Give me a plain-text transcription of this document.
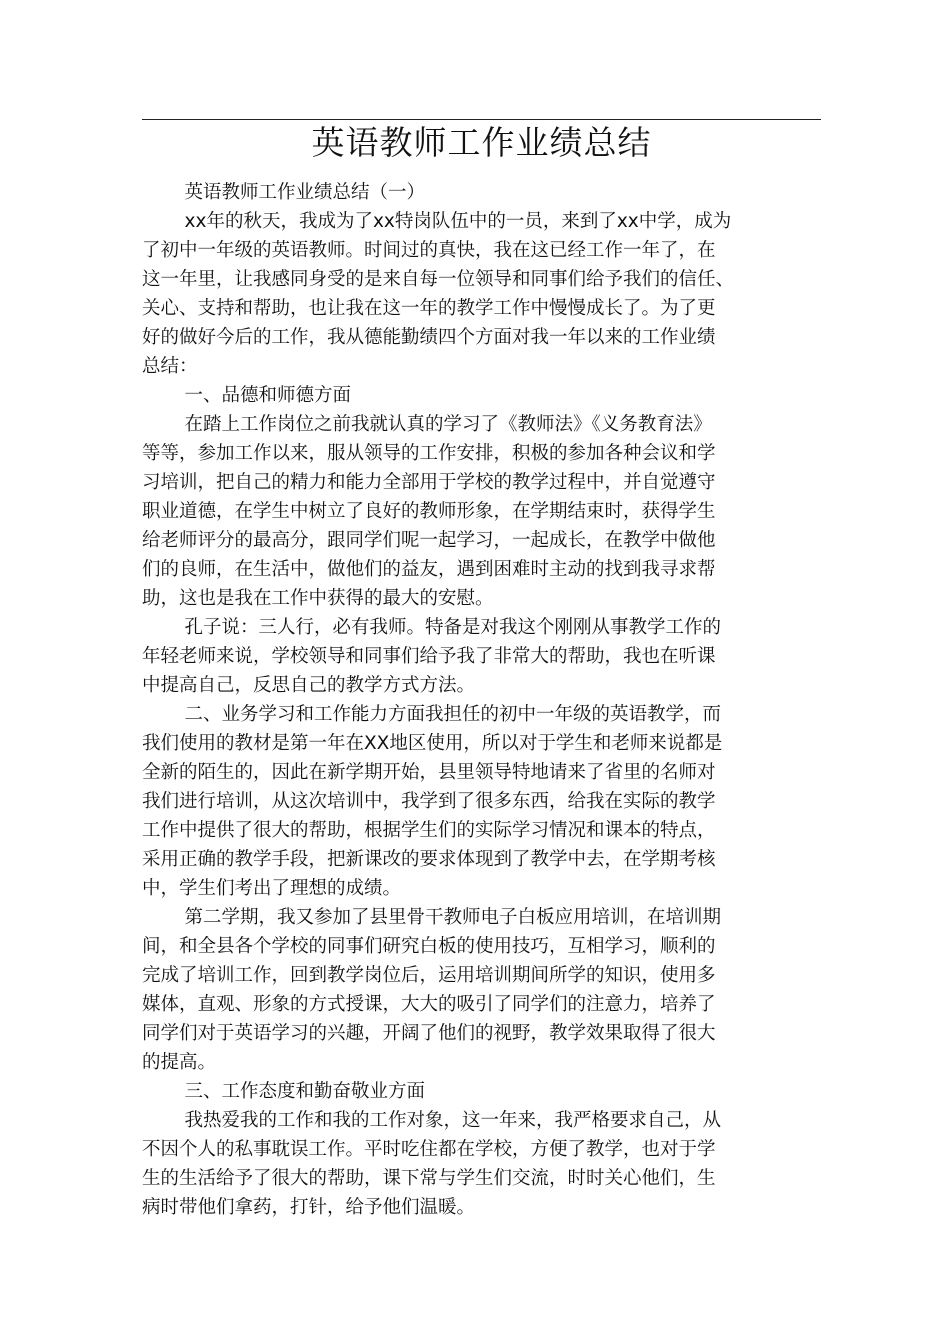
英语教师工作业绩总结

英语教师工作业绩总结（一）

xx年的秋天，我成为了xx特岗队伍中的一员，来到了xx中学，成为
了初中一年级的英语教师。时间过的真快，我在这已经工作一年了，在
这一年里，让我感同身受的是来自每一位领导和同事们给予我们的信任、
关心、支持和帮助，也让我在这一年的教学工作中慢慢成长了。为了更
好的做好今后的工作，我从德能勤绩四个方面对我一年以来的工作业绩
总结：

一、品德和师德方面

在踏上工作岗位之前我就认真的学习了《教师法》《义务教育法》
等等，参加工作以来，服从领导的工作安排，积极的参加各种会议和学
习培训，把自己的精力和能力全部用于学校的教学过程中，并自觉遵守
职业道德，在学生中树立了良好的教师形象，在学期结束时，获得学生
给老师评分的最高分，跟同学们呢一起学习，一起成长，在教学中做他
们的良师，在生活中，做他们的益友，遇到困难时主动的找到我寻求帮
助，这也是我在工作中获得的最大的安慰。

孔子说：三人行，必有我师。特备是对我这个刚刚从事教学工作的
年轻老师来说，学校领导和同事们给予我了非常大的帮助，我也在听课
中提高自己，反思自己的教学方式方法。

二、业务学习和工作能力方面我担任的初中一年级的英语教学，而
我们使用的教材是第一年在XX地区使用，所以对于学生和老师来说都是
全新的陌生的，因此在新学期开始，县里领导特地请来了省里的名师对
我们进行培训，从这次培训中，我学到了很多东西，给我在实际的教学
工作中提供了很大的帮助，根据学生们的实际学习情况和课本的特点，
采用正确的教学手段，把新课改的要求体现到了教学中去，在学期考核
中，学生们考出了理想的成绩。

第二学期，我又参加了县里骨干教师电子白板应用培训，在培训期
间，和全县各个学校的同事们研究白板的使用技巧，互相学习，顺利的
完成了培训工作，回到教学岗位后，运用培训期间所学的知识，使用多
媒体，直观、形象的方式授课，大大的吸引了同学们的注意力，培养了
同学们对于英语学习的兴趣，开阔了他们的视野，教学效果取得了很大
的提高。

三、工作态度和勤奋敬业方面

我热爱我的工作和我的工作对象，这一年来，我严格要求自己，从
不因个人的私事耽误工作。平时吃住都在学校，方便了教学，也对于学
生的生活给予了很大的帮助，课下常与学生们交流，时时关心他们，生
病时带他们拿药，打针，给予他们温暖。
